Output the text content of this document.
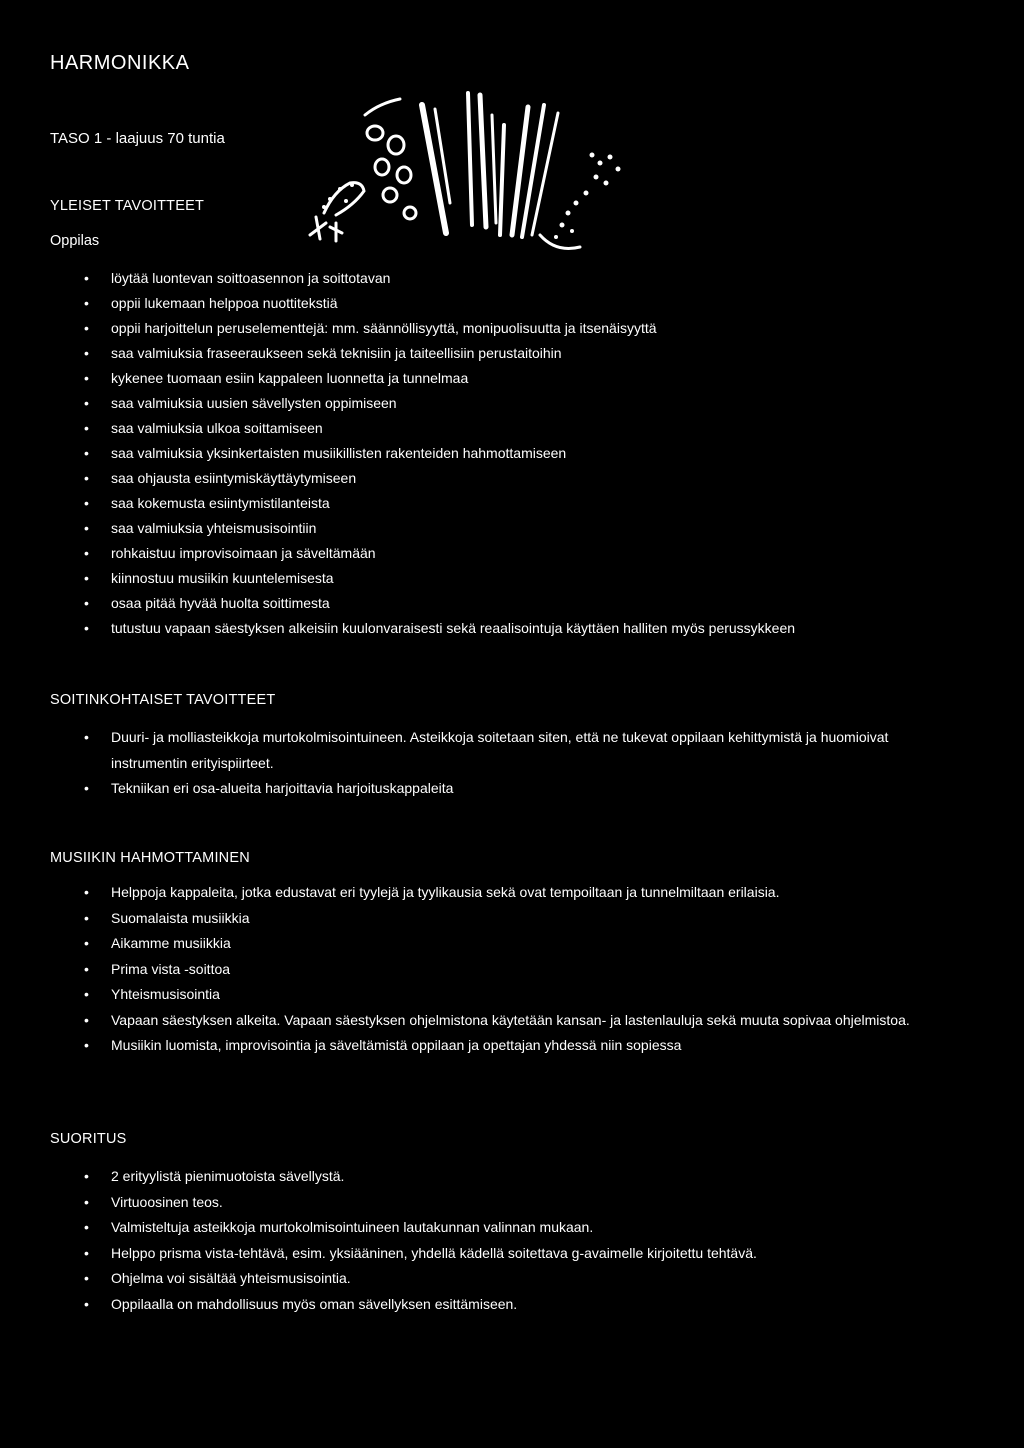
HARMONIKKA
TASO 1 - laajuus 70 tuntia
YLEISET TAVOITTEET
Oppilas
• löytää luontevan soittoasennon ja soittotavan
• oppii lukemaan helppoa nuottitekstiä
• oppii harjoittelun peruselementtejä: mm. säännöllisyyttä, monipuolisuutta ja itsenäisyyttä
• saa valmiuksia fraseeraukseen sekä teknisiin ja taiteellisiin perustaitoihin
• kykenee tuomaan esiin kappaleen luonnetta ja tunnelmaa
• saa valmiuksia uusien sävellysten oppimiseen
• saa valmiuksia ulkoa soittamiseen
• saa valmiuksia yksinkertaisten musiikillisten rakenteiden hahmottamiseen
• saa ohjausta esiintymiskäyttäytymiseen
• saa kokemusta esiintymistilanteista
• saa valmiuksia yhteismusisointiin
• rohkaistuu improvisoimaan ja säveltämään
• kiinnostuu musiikin kuuntelemisesta
• osaa pitää hyvää huolta soittimesta
• tutustuu vapaan säestyksen alkeisiin kuulonvaraisesti sekä reaalisointuja käyttäen halliten myös perussykkeen
SOITINKOHTAISET TAVOITTEET
• Duuri- ja molliasteikkoja murtokolmisointuineen. Asteikkoja soitetaan siten, että ne tukevat oppilaan kehittymistä ja huomioivat instrumentin erityispiirteet.
• Tekniikan eri osa-alueita harjoittavia harjoituskappaleita
MUSIIKIN HAHMOTTAMINEN
• Helppoja kappaleita, jotka edustavat eri tyylejä ja tyylikausia sekä ovat tempoiltaan ja tunnelmiltaan erilaisia.
• Suomalaista musiikkia
• Aikamme musiikkia
• Prima vista -soittoa
• Yhteismusisointia
• Vapaan säestyksen alkeita. Vapaan säestyksen ohjelmistona käytetään kansan- ja lastenlauluja sekä muuta sopivaa ohjelmistoa.
• Musiikin luomista, improvisointia ja säveltämistä oppilaan ja opettajan yhdessä niin sopiessa
SUORITUS
• 2 erityylistä pienimuotoista sävellystä.
• Virtuoosinen teos.
• Valmisteltuja asteikkoja murtokolmisointuineen lautakunnan valinnan mukaan.
• Helppo prisma vista-tehtävä, esim. yksiääninen, yhdellä kädellä soitettava g-avaimelle kirjoitettu tehtävä.
• Ohjelma voi sisältää yhteismusisointia.
• Oppilaalla on mahdollisuus myös oman sävellyksen esittämiseen.
